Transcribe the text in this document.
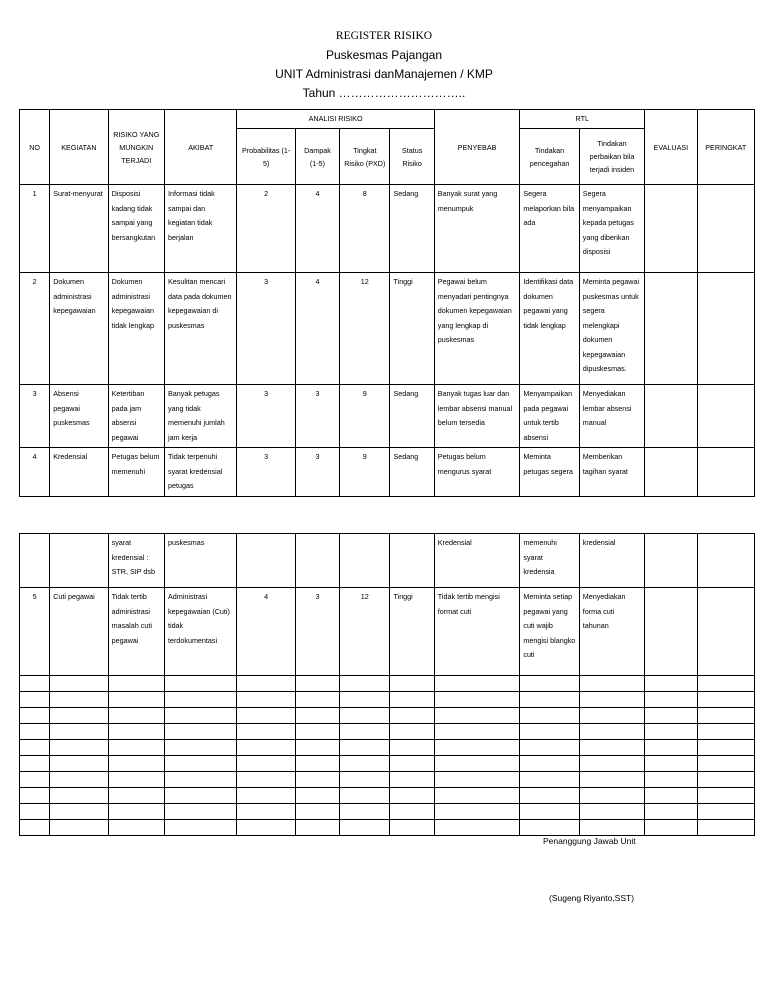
REGISTER RISIKO
Puskesmas Pajangan
UNIT Administrasi danManajemen / KMP
Tahun …………………………..
NO	KEGIATAN	RISIKO YANG MUNGKIN TERJADI	AKIBAT	ANALISI RISIKO				PENYEBAB	RTL		EVALUASI	PERINGKAT
				Probabilitas (1-5)	Dampak (1-5)	Tingkat Risiko (PXD)	Status Risiko		Tindakan pencegahan	Tindakan perbaikan bila terjadi insiden		
1	Surat-menyurat	Disposisi kadang tidak sampai yang bersangkutan	Informasi tidak sampai dan kegiatan tidak berjalan	2	4	8	Sedang	Banyak surat yang menumpuk	Segera melaporkan bila ada	Segera menyampaikan kepada petugas yang diberikan disposisi		
2	Dokumen administrasi kepegawaian	Dokumen administrasi kepegawaian tidak lengkap	Kesulitan mencari data pada dokumen kepegawaian di puskesmas	3	4	12	Tinggi	Pegawai belum menyadari pentingnya dokumen kepegawaian yang lengkap di puskesmas	Identifikasi data dokumen pegawai yang tidak lengkap	Meminta pegawai puskesmas untuk segera melengkapi dokumen kepegawaian dipuskesmas.		
3	Absensi pegawai puskesmas	Ketertiban pada jam absensi pegawai	Banyak petugas yang tidak memenuhi jumlah jam kerja	3	3	9	Sedang	Banyak tugas luar dan lembar absensi manual belum tersedia	Menyampaikan pada pegawai untuk tertib absensi	Menyediakan lembar absensi manual		
4	Kredensial	Petugas belum memenuhi	Tidak terpenuhi syarat kredensial petugas	3	3	9	Sedang	Petugas belum mengurus syarat	Meminta petugas segera	Memberikan tagihan syarat		
		syarat kredensial : STR, SIP dsb	puskesmas					Kredensial	memenuhi syarat kredensia	kredensial		
5	Cuti pegawai	Tidak tertib administrasi masalah cuti pegawai	Administrasi kepegawaian (Cuti) tidak terdokumentasi	4	3	12	Tinggi	Tidak tertib mengisi format cuti	Meminta setiap pegawai yang cuti wajib mengisi blangko cuti	Menyediakan forma cuti tahunan		

Penanggung Jawab Unit
(Sugeng Riyanto,SST)
